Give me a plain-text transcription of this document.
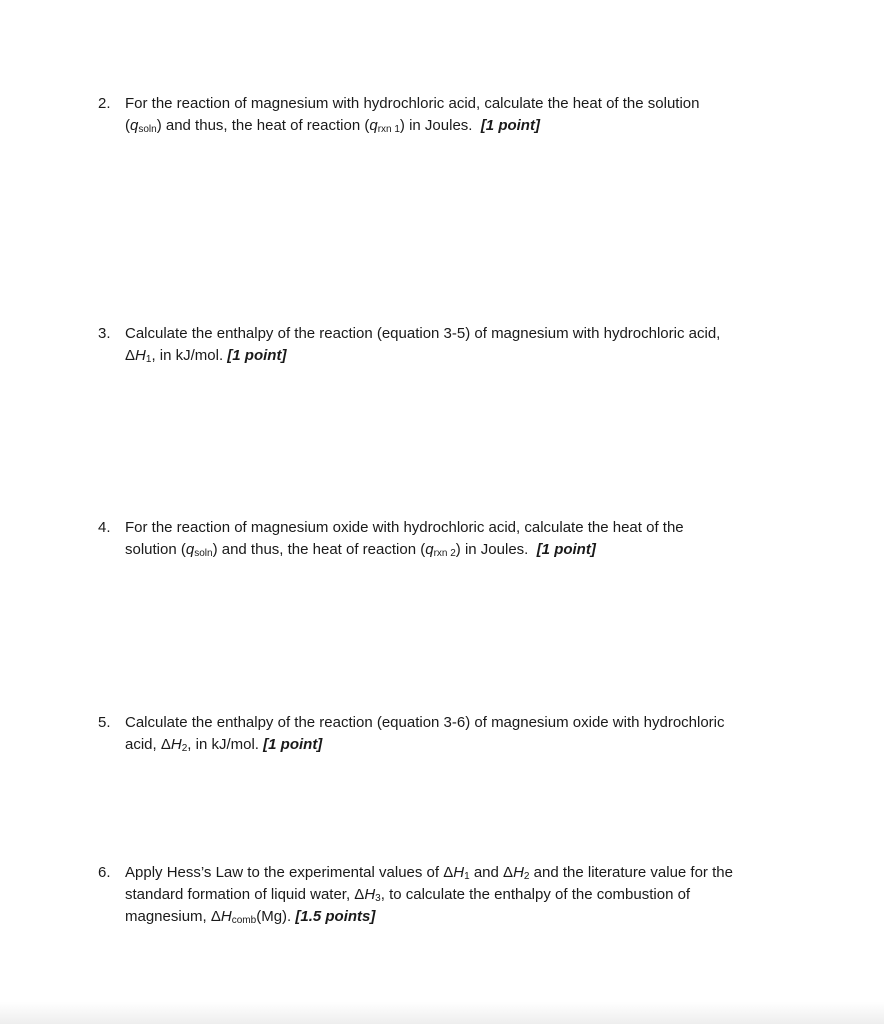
2. For the reaction of magnesium with hydrochloric acid, calculate the heat of the solution
$(q_{soln})$ and thus, the heat of reaction $(q_{rxn 1})$ in Joules. [1 point]
3. Calculate the enthalpy of the reaction (equation 3-5) of magnesium with hydrochloric acid,
$\Delta H_1$, in kJ/mol. [1 point]
4. For the reaction of magnesium oxide with hydrochloric acid, calculate the heat of the
solution $(q_{soln})$ and thus, the heat of reaction $(q_{rxn 2})$ in Joules. [1 point]
5. Calculate the enthalpy of the reaction (equation 3-6) of magnesium oxide with hydrochloric
acid, $\Delta H_2$, in kJ/mol. [1 point]
6. Apply Hess’s Law to the experimental values of $\Delta H_1$ and $\Delta H_2$ and the literature value for the
standard formation of liquid water, $\Delta H_3$, to calculate the enthalpy of the combustion of
magnesium, $\Delta H_{comb}(Mg)$. [1.5 points]
